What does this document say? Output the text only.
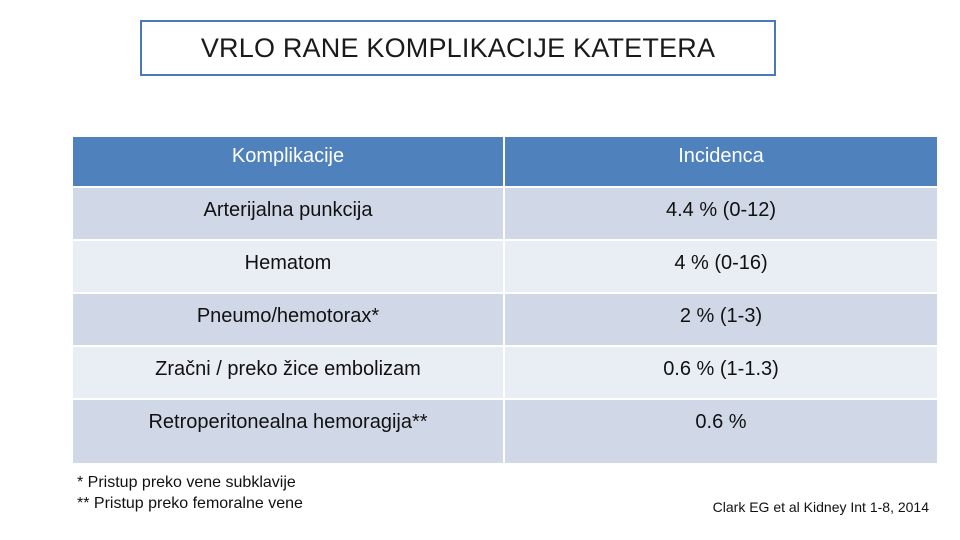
VRLO RANE KOMPLIKACIJE KATETERA
Komplikacije	Incidenca
Arterijalna punkcija	4.4 % (0-12)
Hematom	4 % (0-16)
Pneumo/hemotorax*	2 % (1-3)
Zračni / preko žice embolizam	0.6 % (1-1.3)
Retroperitonealna hemoragija**	0.6 %
* Pristup preko vene subklavije
** Pristup preko femoralne vene	Clark EG et al Kidney Int 1-8, 2014
